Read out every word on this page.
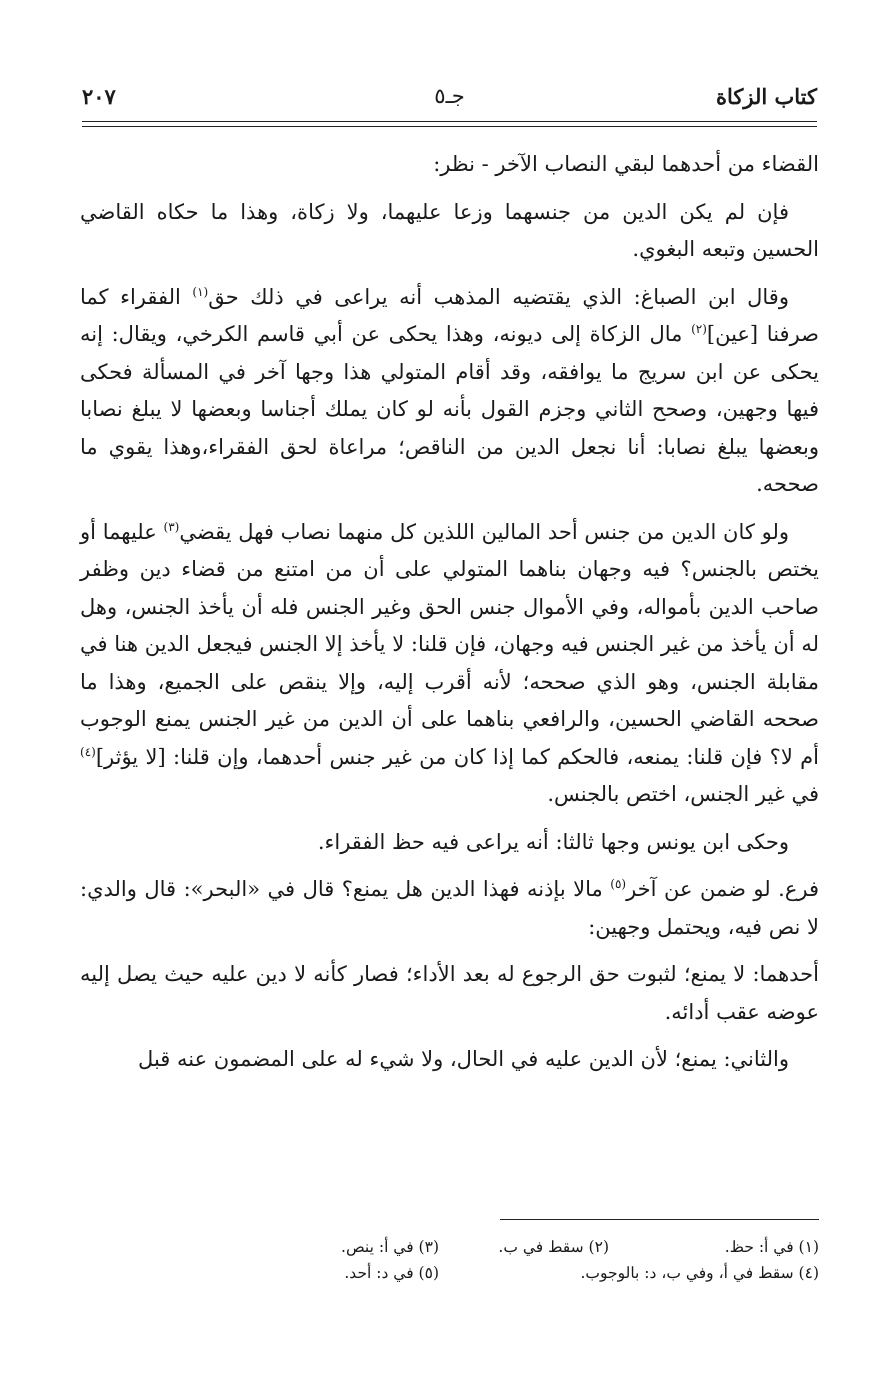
كتاب الزكاة
جـ٥
٢٠٧

القضاء من أحدهما لبقي النصاب الآخر - نظر:

فإن لم يكن الدين من جنسهما وزعا عليهما، ولا زكاة، وهذا ما حكاه القاضي الحسين وتبعه البغوي.

وقال ابن الصباغ: الذي يقتضيه المذهب أنه يراعى في ذلك حق$^{(١)}$ الفقراء كما صرفنا [عين]$^{(٢)}$ مال الزكاة إلى ديونه، وهذا يحكى عن أبي قاسم الكرخي، ويقال: إنه يحكى عن ابن سريج ما يوافقه، وقد أقام المتولي هذا وجها آخر في المسألة فحكى فيها وجهين، وصحح الثاني وجزم القول بأنه لو كان يملك أجناسا وبعضها لا يبلغ نصابا وبعضها يبلغ نصابا: أنا نجعل الدين من الناقص؛ مراعاة لحق الفقراء،وهذا يقوي ما صححه.

ولو كان الدين من جنس أحد المالين اللذين كل منهما نصاب فهل يقضي$^{(٣)}$ عليهما أو يختص بالجنس؟ فيه وجهان بناهما المتولي على أن من امتنع من قضاء دين وظفر صاحب الدين بأمواله، وفي الأموال جنس الحق وغير الجنس فله أن يأخذ الجنس، وهل له أن يأخذ من غير الجنس فيه وجهان، فإن قلنا: لا يأخذ إلا الجنس فيجعل الدين هنا في مقابلة الجنس، وهو الذي صححه؛ لأنه أقرب إليه، وإلا ينقص على الجميع، وهذا ما صححه القاضي الحسين، والرافعي بناهما على أن الدين من غير الجنس يمنع الوجوب أم لا؟ فإن قلنا: يمنعه، فالحكم كما إذا كان من غير جنس أحدهما، وإن قلنا: [لا يؤثر]$^{(٤)}$ في غير الجنس، اختص بالجنس.

وحكى ابن يونس وجها ثالثا: أنه يراعى فيه حظ الفقراء.

فرع. لو ضمن عن آخر$^{(٥)}$ مالا بإذنه فهذا الدين هل يمنع؟ قال في «البحر»: قال والدي: لا نص فيه، ويحتمل وجهين:

أحدهما: لا يمنع؛ لثبوت حق الرجوع له بعد الأداء؛ فصار كأنه لا دين عليه حيث يصل إليه عوضه عقب أدائه.

والثاني: يمنع؛ لأن الدين عليه في الحال، ولا شيء له على المضمون عنه قبل

(١) في أ: حظ.
(٢) سقط في ب.
(٣) في أ: ينص.
(٤) سقط في أ، وفي ب، د: بالوجوب.
(٥) في د: أحد.
